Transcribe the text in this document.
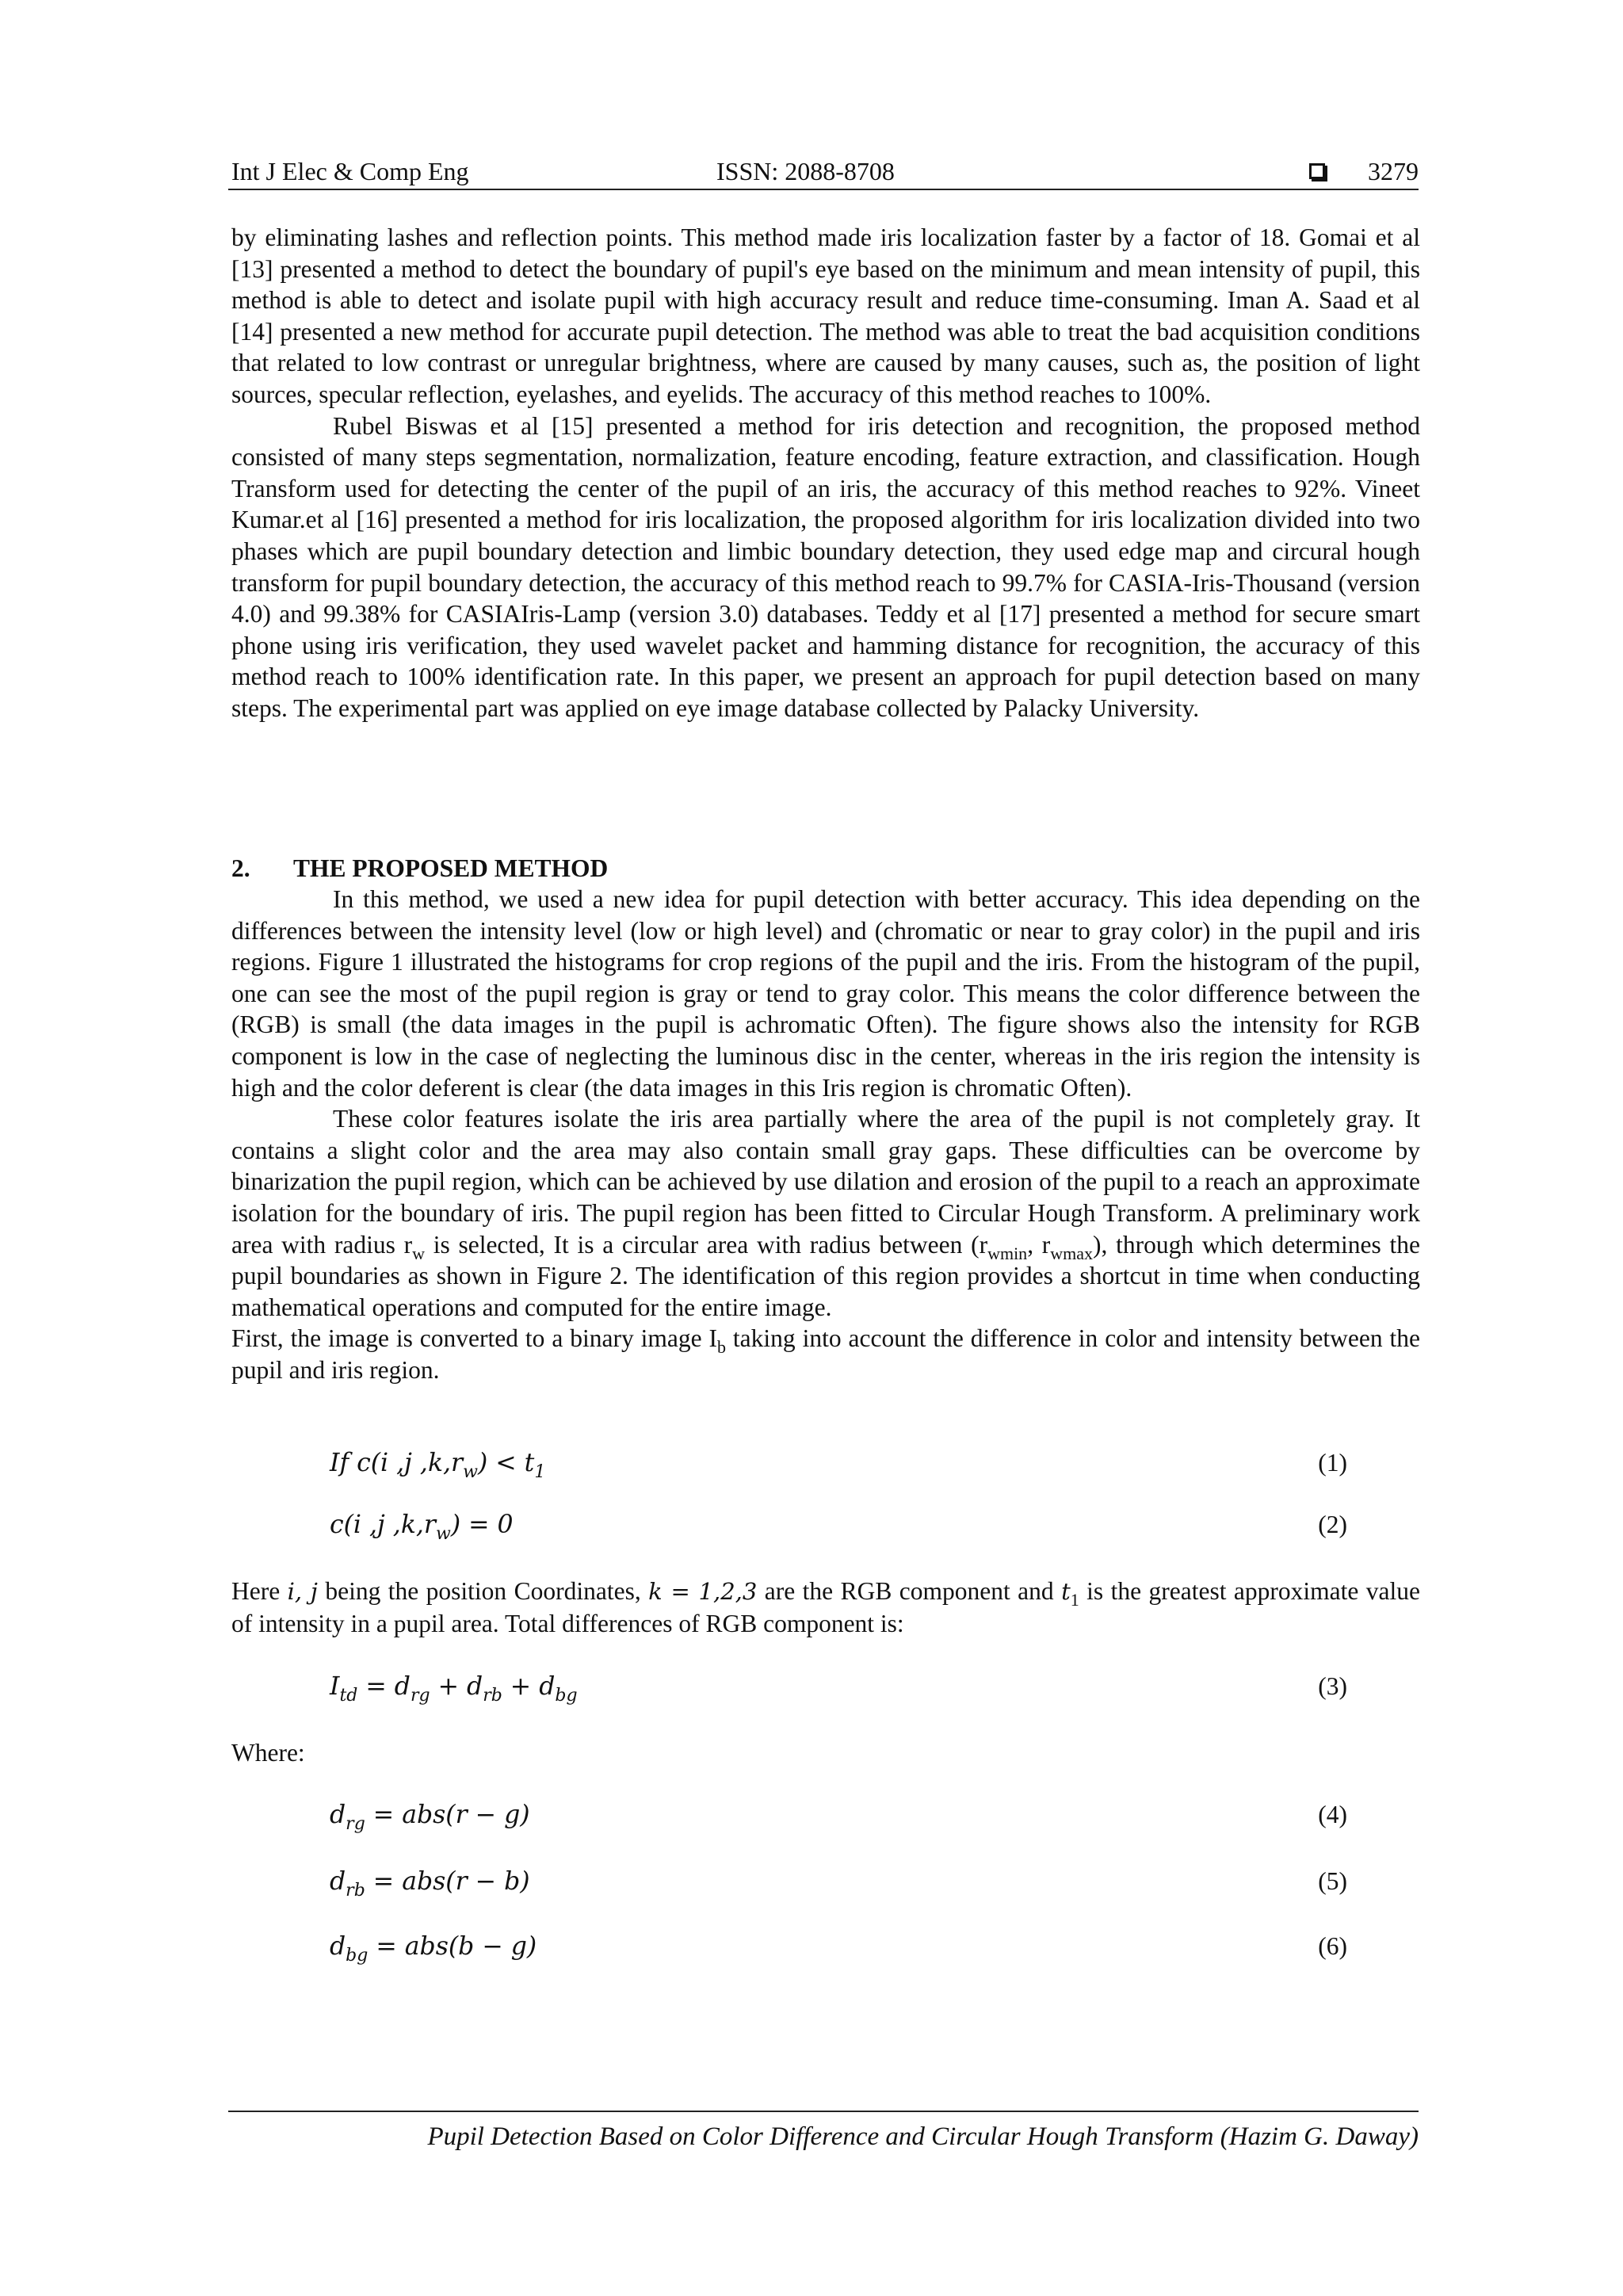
Int J Elec & Comp Eng	ISSN: 2088-8708	3279

by eliminating lashes and reflection points. This method made iris localization faster by a factor of 18. Gomai et al [13] presented a method to detect the boundary of pupil's eye based on the minimum and mean intensity of pupil, this method is able to detect and isolate pupil with high accuracy result and reduce time-consuming. Iman A. Saad et al [14] presented a new method for accurate pupil detection. The method was able to treat the bad acquisition conditions that related to low contrast or unregular brightness, where are caused by many causes, such as, the position of light sources, specular reflection, eyelashes, and eyelids. The accuracy of this method reaches to 100%.

Rubel Biswas et al [15] presented a method for iris detection and recognition, the proposed method consisted of many steps segmentation, normalization, feature encoding, feature extraction, and classification. Hough Transform used for detecting the center of the pupil of an iris, the accuracy of this method reaches to 92%. Vineet Kumar.et al [16] presented a method for iris localization, the proposed algorithm for iris localization divided into two phases which are pupil boundary detection and limbic boundary detection, they used edge map and circural hough transform for pupil boundary detection, the accuracy of this method reach to 99.7% for CASIA-Iris-Thousand (version 4.0) and 99.38% for CASIAIris-Lamp (version 3.0) databases. Teddy et al [17] presented a method for secure smart phone using iris verification, they used wavelet packet and hamming distance for recognition, the accuracy of this method reach to 100% identification rate. In this paper, we present an approach for pupil detection based on many steps. The experimental part was applied on eye image database collected by Palacky University.

2. THE PROPOSED METHOD

In this method, we used a new idea for pupil detection with better accuracy. This idea depending on the differences between the intensity level (low or high level) and (chromatic or near to gray color) in the pupil and iris regions. Figure 1 illustrated the histograms for crop regions of the pupil and the iris. From the histogram of the pupil, one can see the most of the pupil region is gray or tend to gray color. This means the color difference between the (RGB) is small (the data images in the pupil is achromatic Often). The figure shows also the intensity for RGB component is low in the case of neglecting the luminous disc in the center, whereas in the iris region the intensity is high and the color deferent is clear (the data images in this Iris region is chromatic Often).

These color features isolate the iris area partially where the area of the pupil is not completely gray. It contains a slight color and the area may also contain small gray gaps. These difficulties can be overcome by binarization the pupil region, which can be achieved by use dilation and erosion of the pupil to a reach an approximate isolation for the boundary of iris. The pupil region has been fitted to Circular Hough Transform. A preliminary work area with radius $r_w$ is selected, It is a circular area with radius between ($r_{wmin}$, $r_{wmax}$), through which determines the pupil boundaries as shown in Figure 2. The identification of this region provides a shortcut in time when conducting mathematical operations and computed for the entire image.

First, the image is converted to a binary image $I_b$ taking into account the difference in color and intensity between the pupil and iris region.

If c(i ,j $,k,r_w) < t_1$	(1)
c(i ,j $,k,r_w) = 0$	(2)

Here i, j being the position Coordinates, k = 1,2,3 are the RGB component and $t_1$ is the greatest approximate value of intensity in a pupil area. Total differences of RGB component is:

$I_{td} = d_{rg} + d_{rb} + d_{bg}$	(3)
Where:
$d_{rg} = abs(r - g)$	(4)
$d_{rb} = abs(r - b)$	(5)
$d_{bg} = abs(b - g)$	(6)
Pupil Detection Based on Color Difference and Circular Hough Transform (Hazim G. Daway)
